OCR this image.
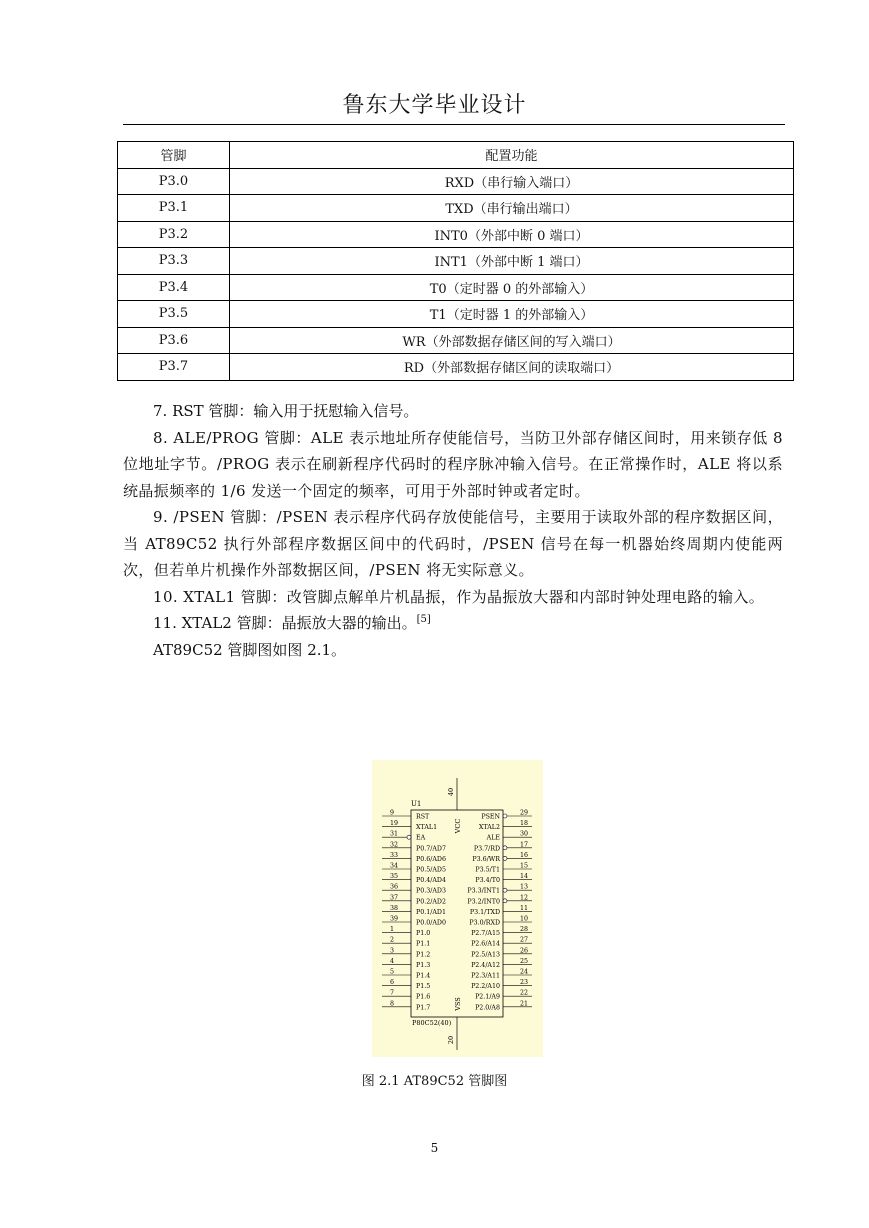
鲁东大学毕业设计
管脚	配置功能
P3.0	RXD（串行输入端口）
P3.1	TXD（串行输出端口）
P3.2	INT0（外部中断 0 端口）
P3.3	INT1（外部中断 1 端口）
P3.4	T0（定时器 0 的外部输入）
P3.5	T1（定时器 1 的外部输入）
P3.6	WR（外部数据存储区间的写入端口）
P3.7	RD（外部数据存储区间的读取端口）

7. RST 管脚：输入用于抚慰输入信号。

8. ALE/PROG 管脚：ALE 表示地址所存使能信号，当防卫外部存储区间时，用来锁存低 8 位地址字节。/PROG 表示在刷新程序代码时的程序脉冲输入信号。在正常操作时，ALE 将以系统晶振频率的 1/6 发送一个固定的频率，可用于外部时钟或者定时。

9. /PSEN 管脚：/PSEN 表示程序代码存放使能信号，主要用于读取外部的程序数据区间，当 AT89C52 执行外部程序数据区间中的代码时，/PSEN 信号在每一机器始终周期内使能两次，但若单片机操作外部数据区间，/PSEN 将无实际意义。

10. XTAL1 管脚：改管脚点解单片机晶振，作为晶振放大器和内部时钟处理电路的输入。

11. XTAL2 管脚：晶振放大器的输出。[5]

AT89C52 管脚图如图 2.1。

40
VCC
20
VSS
U1
P80C52(40)
9
RST
19
XTAL1
31
EA
32
P0.7/AD7
33
P0.6/AD6
34
P0.5/AD5
35
P0.4/AD4
36
P0.3/AD3
37
P0.2/AD2
38
P0.1/AD1
39
P0.0/AD0
1
P1.0
2
P1.1
3
P1.2
4
P1.3
5
P1.4
6
P1.5
7
P1.6
8
P1.7
29
PSEN
18
XTAL2
30
ALE
17
P3.7/RD
16
P3.6/WR
15
P3.5/T1
14
P3.4/T0
13
P3.3/INT1
12
P3.2/INT0
11
P3.1/TXD
10
P3.0/RXD
28
P2.7/A15
27
P2.6/A14
26
P2.5/A13
25
P2.4/A12
24
P2.3/A11
23
P2.2/A10
22
P2.1/A9
21
P2.0/A8
图 2.1 AT89C52 管脚图
5
